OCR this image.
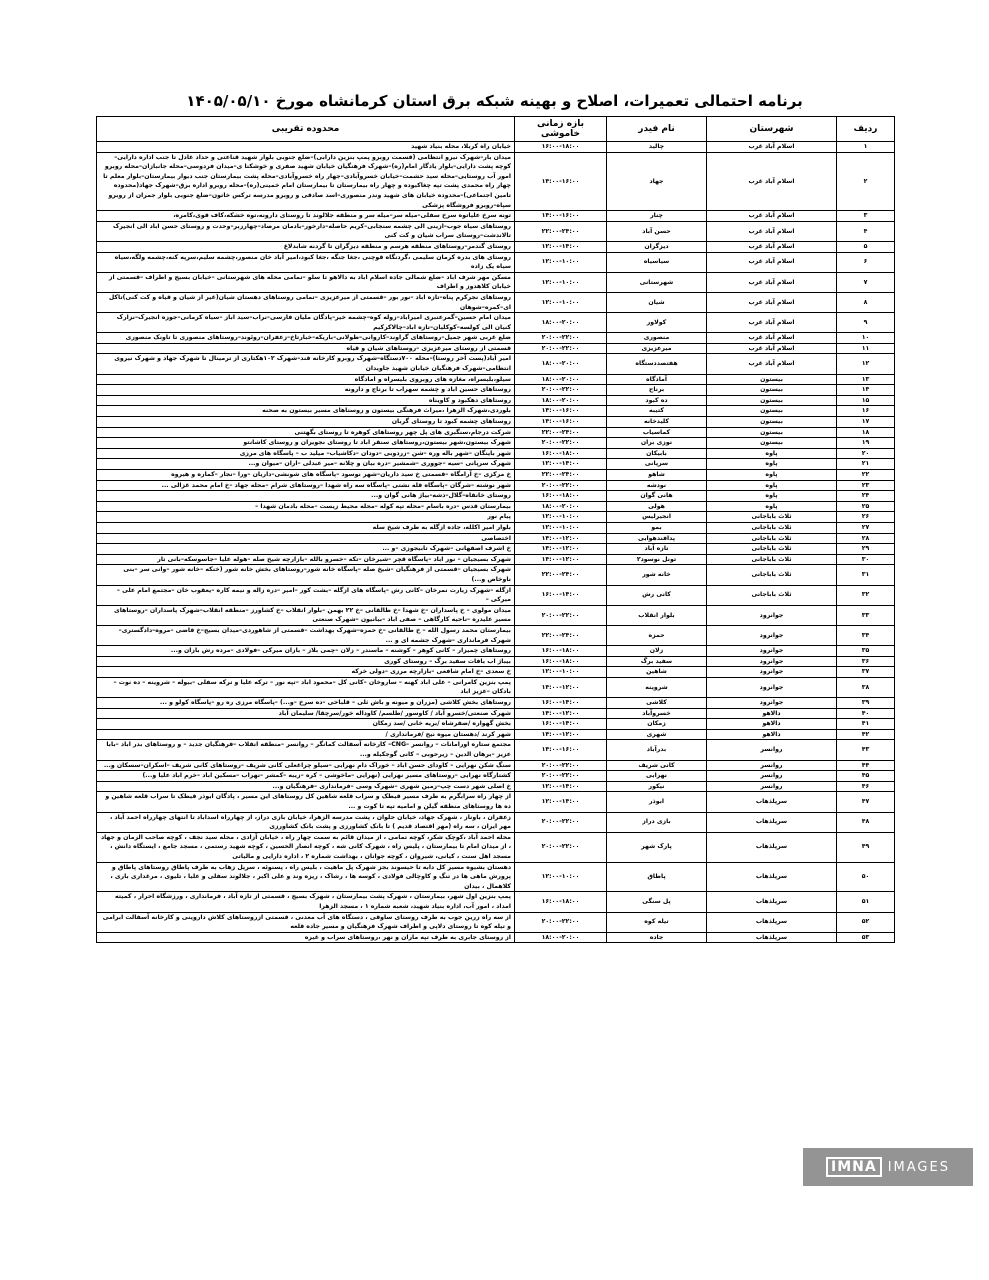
برنامه احتمالی تعمیرات، اصلاح و بهینه شبکه برق استان کرمانشاه مورخ ۱۴۰۵/۰۵/۱۰
ردیف	شهرستان	نام فیدر	بازه زمانی خاموشی	محدوده تقریبی
۱	اسلام آباد غرب	چالید	۱۶:۰۰-۱۸:۰۰	خیابان راه کربلا، محله بنیاد شهید
۲	اسلام آباد غرب	جهاد	۱۴:۰۰-۱۶:۰۰	میدان بار–شهرک نیرو انتظامی (قسمت روبرو پمپ بنزین دارابی)–ضلع جنوبی بلوار شهید قناعتی و حداد عادل تا جنب اداره دارایی–کوچه پشت دارایی–بلوار یادگار امام(ره)–شهرک فرهنگیان خیابان شهید صفری و خوشکنا ی–میدان فردوسی–محله جانبازان–محله روبرو امور آب روستایی–محله سید حشمت–خیابان خسروآبادی–جهار راه خسروآبادی–محله پشت بیمارستان جنب دیوار بیمارستان–بلوار معلم تا چهار راه محمدی پشت تپه چغاکبوده و چهار راه بیمارستان تا بیمارستان امام خمینی(ره)–محله روبرو اداره برق–شهرک جهاد(محدوده تامین اجتماعی)–محدوده خیابان های شهید وندر منصوری–اسد صادقی و روبرو مدرسه ترکس خاتون–ضلع جنوبی بلوار جمران از روبرو سپاه–روبرو فروشگاه پزشکی
۳	اسلام آباد غرب	چنار	۱۴:۰۰-۱۶:۰۰	تونه سرخ علیاتوه سرخ سفلی–میله سر–میله سر و منطقه جلالوند تا روستای دارونه،توه خشکه،کاف قوی،کامره،
۴	اسلام آباد غرب	حسن آباد	۲۲:۰۰-۲۴:۰۰	روستاهای سیاه جوب–ازینی الی چشمه سنجابی–کریم حاصله–دارخور–بادمان مرصاد–چهارزبر–وحدت و روستای حسن اباد الی انجیرک تالاندشت–روستای سراب شیان و کت کنی
۵	اسلام آباد غرب	دیزگران	۱۲:۰۰-۱۴:۰۰	روستای گندمر–روستاهای منطقه هرسم و منطقه دیزگران تا گردنه شابدلاغ
۶	اسلام آباد غرب	سیاسیاه	۱۲:۰۰-۱۰:۰۰	روستای های بدره کرمان سلیمی ،گردنگاه قوچنی ،جغا جنگه ،جغا کبود،امیر آباد خان منصور،چشمه سلیم،سرپه کنه،چشمه ولگه،سیاه سیاه یک زاده
۷	اسلام آباد غرب	شهرستانی	۱۲:۰۰-۱۰:۰۰	مسکن مهر شرف اباد –ضلع شمالی جاده اسلام اباد به دالاهو تا سلو –تمامی محله های شهرستانی –خیابان بسیج و اطراف –قسمتی از خیابان کلاهدوز و اطراف
۸	اسلام آباد غرب	شیان	۱۲:۰۰-۱۰:۰۰	روستاهای نجرکرم پناه–تازه اباد –نور بور –قسمتی از میرعزیزی –تمامی روستاهای دهستان شیان(غیر از شیان و قیاه و کت کنی)تاکل ای–کمره–شوهان
۹	اسلام آباد غرب	کولاور	۱۸:۰۰-۲۰:۰۰	میدان امام حسین–گمرعنبری امیراباد–زوله کوه–چشمه خیر–پادگان ملیان فارسی–نراب–سید اباز –سیاه کرمانی–جوزه انجیرک–نزارک کنیان الی کولسه–کوکلیان–تازه اباد–چالاکرکیم
۱۰	اسلام آباد غرب	منصوری	۲۰:۰۰-۲۲:۰۰	ضلع غربی شهر جمیل–روستاهای گراوند–کاروانی–طولانی–باریکه–خبارتاخ–زعفران–روئوند–روستاهای منصوری تا تاونک منصوری
۱۱	اسلام آباد غرب	میرعزیزی	۲۰:۰۰-۲۲:۰۰	قسمتی از روستای میرعزیزی –روستاهای شیان و قیاه
۱۲	اسلام آباد غرب	هفتصددستگاه	۱۸:۰۰-۲۰:۰۰	امیر آباد(پست آخر روستا)–محله ۷۰۰دستگاه–شهرک روبرو کارخانه قند–شهرک ۱۰۲هکتاری از ترمینال تا شهرک جهاد و شهرک نیروی انتظامی–شهرک فرهنگیان خیابان شهید جاویدان
۱۳	بیستون	آمادگاه	۱۸:۰۰-۲۰:۰۰	سیلو،بلیسراه، مغازه های روبروی بلیسراه و امادگاه
۱۴	بیستون	برناج	۲۰:۰۰-۲۲:۰۰	روستاهای حسین اباد و چشمه سهراب تا برناج و دارونه
۱۵	بیستون	ده کبود	۱۸:۰۰-۲۰:۰۰	روستاهای دهکبود و کاویناه
۱۶	بیستون	کتیبه	۱۴:۰۰-۱۶:۰۰	بلوردی،شهرک الزهرا ،میراث فرهنگی بیستون و روستاهای مسیر بیستون به صحنه
۱۷	بیستون	کلیدخانه	۱۴:۰۰-۱۶:۰۰	روستاهای چشمه کبود تا روستای گربان
۱۸	بیستون	کماسیاب	۲۲:۰۰-۲۴:۰۰	شرکت درجام،سنگبری های پل چهر روستاهای کوهره تا روستای بگهتنی
۱۹	بیستون	نوزی بران	۲۰:۰۰-۲۲:۰۰	شهرک بیستون،شهر بیستون،روستاهای سنقر اباد تا روستای نجویران و روستای کاشانتو
۲۰	پاوه	بابیکان	۱۶:۰۰-۱۸:۰۰	شهر باینگان –شهر باله وره –شن –زردوبی –دودان –دکاشیاب– میلید ب – پاسگاه های مرزی
۲۱	پاوه	سرپانی	۱۲:۰۰-۱۴:۰۰	شهرک سرپانی –سیه –جووری –شمشیر –دره بیان و چلانه –میر عبدلی –اران –میوان و...
۲۲	پاوه	شاهو	۲۲:۰۰-۲۴:۰۰	خ مرکزی –خ آرامگاه –قسمتی خ سید داریان–شهر نوسود –پاسگاه های شونشی–داریان –ورا –نجار –کماره و هیروه
۲۳	پاوه	نودشه	۲۰:۰۰-۲۲:۰۰	شهر نوشته –شرگان –پاسگاه قله نشتی –پاسگاه سه راه شهدا –روستاهای شرام –محله جهاد –خ امام محمد غزالی ...
۲۴	پاوه	هانی گوان	۱۶:۰۰-۱۸:۰۰	روستای خانقاه–گلال–دشه–بیاژ هانی گوان و...
۲۵	پاوه	هولی	۱۸:۰۰-۲۰:۰۰	بیمارستان قدس –دره باسام –محله تپه کوله –محله محیط زیست –محله بادمان شهدا –
۲۶	ثلاث باباجانی	انجیرلیس	۱۲:۰۰-۱۰:۰۰	پیام نور
۲۷	ثلاث باباجانی	بمو	۱۲:۰۰-۱۰:۰۰	بلوار امیر اکلله، جاده ازگله به طرف شیخ سله
۲۸	ثلاث باباجانی	پدافندهوایی	۱۴:۰۰-۱۲:۰۰	اختصاصی
۲۹	ثلاث باباجانی	تازه آباد	۱۴:۰۰-۱۲:۰۰	خ اشرف اصفهانی –شهرک تابیجوزی –و ...
۳۰	ثلاث باباجانی	تونل نوسود۲	۱۴:۰۰-۱۲:۰۰	شهرک بسیجیان – نور اباد –پاسگاه قچر –شیرخان –تکه –خسرو بالله –بازارچه شیخ صله –هوله علیا –جاسوسکه–بانی تار
۳۱	ثلاث باباجانی	خانه شور	۲۲:۰۰-۲۴:۰۰	شهرک بسیجیان –قسمتی از فرهنگیان –شیخ صله –پاسگاه خانه شور–روستاهای بخش خانه شور (خنکه –خانه شور –وانی سر –بنی ناوخاص و...)
۳۲	ثلاث باباجانی	کانی رش	۱۶:۰۰-۱۴:۰۰	ازگله –شهرک زیارت نمرخان –کانی رش –پاسگاه های ازگله –بشت کور –امیر –دره زاله و نیمه کاره –یعقوب خان –مجتمع امام علی –میرکی –
۳۳	جوانرود	بلوار انقلاب	۲۰:۰۰-۲۲:۰۰	میدان مولوی – خ پاسداران –خ شهدا –خ طالقانی –خ ۲۲ بهمن –بلوار انقلاب –خ کشاورز –منطقه انقلاب–شهرک پاسداران –روستاهای مسیر علیدره –ناحیه کارگاهی – صفی اباد –بیانیون –شهرک صنعتی
۳۴	جوانرود	حمزه	۲۲:۰۰-۲۴:۰۰	بیمارستان محمد رسول الله – خ طالقانی –خ حمزه–شهرک بهداشت –قسمتی از شاهوردی–میدان بسیج–خ قاضی –مروه–دادگستری–شهرک فرمانداری –شهرک جشمه ای و ...
۳۵	جوانرود	زلان	۱۶:۰۰-۱۸:۰۰	روستاهای چمیزار – کانی کوهر – کوشنه – ماسندر – زلان –چمی بلاز – بازان میرکی –فولادی –مرده رش بازان و...
۳۶	جوانرود	سفید برگ	۱۶:۰۰-۱۸:۰۰	بیباژ اب بافات سفید برگ – روستای کوری
۳۷	جوانرود	شاهین	۱۲:۰۰-۱۰:۰۰	خ سعدی –خ امام شافعی –بازارچه مرزی –دولی خرکه
۳۸	جوانرود	شروینه	۱۴:۰۰-۱۲:۰۰	پمپ بنزین کامرانی – علی اباد کهنه – ساروخان –کانی کل –محمود اباد –تپه نور – ترکه علیا و ترکه سفلی –بیوله – شروینه – ده نوت – بادکان –عزیز اباد
۳۹	جوانرود	کلاشی	۱۶:۰۰-۱۴:۰۰	روستاهای بخش کلاشی (مزران و میونه و باش ثلی – قلباخی –ده سرخ –و...) –پاسگاه مرزی ره رو –پاسگاه کولو و ...
۴۰	دالاهو	خسروآباد	۱۴:۰۰-۱۲:۰۰	شهرک صنعتی/خسرو آباد / کاوسور /طلسم/ کاوداله خور/سرچقا/ سلیمان آباد
۴۱	دالاهو	زمکان	۱۶:۰۰-۱۴:۰۰	بخش گهواره /ضفرشاه /بریه خانی /سد زمکان
۴۲	دالاهو	شهری	۱۴:۰۰-۱۲:۰۰	شهر کرند /دهستان میوه نیح /فرمانداری /
۴۳	روانسر	بدرآباد	۱۴:۰۰-۱۶:۰۰	مجتمع ستاره اورامانات – روانسر –CNG– کارخانه آسفالت کمانگر – روانسر –منطقه انقلاب –فرهنگیان جدید – و روستاهای بدر اباد –بابا عزیز –برهان الدین – زیرحوبی – کانی گوجکیله و...
۴۴	روانسر	کانی شریف	۲۰:۰۰-۲۲:۰۰	سنگ شکن نهرایی – کاودای حسن اباد – خوراک دام نهرایی –سیلو چراغعلی کانی شریف –روستاهای کانی شریف –اسکران–سسکان و...
۴۵	روانسر	نهرایی	۲۰:۰۰-۲۲:۰۰	کشتارگاه نهرایی –روستاهای مسیر نهرایی (نهرایی –ماخوشی – کره –زیبه –کمشر –نهراب –مسکین اباد –خرم اباد علیا و...)
۴۶	روانسر	نیکور	۱۲:۰۰-۱۴:۰۰	خ اصلی شهر دست چپ–زمین شهری –شهرک وسی –فرمانداری –فرهنگیان و...
۴۷	سرپلذهاب	ابوذر	۱۲:۰۰-۱۴:۰۰	از چهار راه سرابگرم به طرف مسیر قیطک و سراب قلعه شاهین کل روستاهای این مسیر ، پادگان ابوذر قیطک تا سراب قلعه شاهین و ده ها روستاهای منطقه گیلن و امامیه تپه تا کوت و ...
۴۸	سرپلذهاب	بازی دراز	۲۰:۰۰-۲۲:۰۰	زعفران ، باوناز ، شهرک جهاد، خیابان حلوان ، پشت مدرسه الزهرا، خیابان بازی دراز، از چهارراه اسداباد تا انتهای چهارراه احمد آباد ، مهر ایران ، سه راه (مهر اقتصاد قدیم ) تا بانک کشاورزی و پشت بانک کشاورزی
۴۹	سرپلذهاب	پارک شهر	۲۰:۰۰-۲۲:۰۰	محله احمد آباد ،کوچک شکر، کوچه تمامی ، از میدان قائم به سمت چهار راه ، خیابان آزادی ، محله سید نجف ، کوچه صاحب الزمان و جهاد ، از میدان امام تا بیمارستان ، پلیس راه ، شهرک کانی شه ، کوچه انصار الحسین ، کوچه شهید رستمی ، مسجد جامع ، ایستگاه دانش ، مسجد اهل سنت ، کیانی، شیروان ، کوچه جوانان ، بهداشت شماره ۲ ، اداره دارایی و مالیاتی
۵۰	سرپلذهاب	پاطاق	۱۲:۰۰-۱۰:۰۰	دهستان بشیوه مسیر کل دابه تا حیسوند بجز شهرک پل ماهیت ، بلیس راه ، پسنوئه ، سرپل زهاب به طرف پاطاق روستاهای پاطاق و پرورش ماهی ها در تنگ و کاوچالی فولادی ، کوسه ها ، رشاک ، ریزه وند و علی اکبر ، جلالوند سفلی و علیا ، تلیوی ، مرغداری باری ، کلاهمال ، بیدان
۵۱	سرپلذهاب	پل سنگی	۱۶:۰۰-۱۸:۰۰	پمپ بنزین اول شهر، بیمارستان ، شهرک پشت بیمارستان ، شهرک بسیج ، قسمتی از تازه آباد ، فرمانداری ، ورزشگاه احرار ، کمیته امداد ، امور آب، اداره بنیاد شهید، شعبه شماره ۱ ، مسجد الزهرا
۵۲	سرپلذهاب	تیله کوه	۲۰:۰۰-۲۲:۰۰	از سه راه زرین جوب به طرف روستای ساوقی ، دستگاه های آب معدنی ، قسمتی ازروستاهای کلاش داروینی و کارخانه آسفالت ابرامی و تیله کوه تا روستای دلاپی و اطراف شهرک فرهنگیان و مسیر جاده قلعه
۵۳	سرپلذهاب	جاده	۱۸:۰۰-۲۰:۰۰	از روستای جابری به طرف تپه ماران و نهر ،روستاهای سراب و غیره
IMNA IMAGES
